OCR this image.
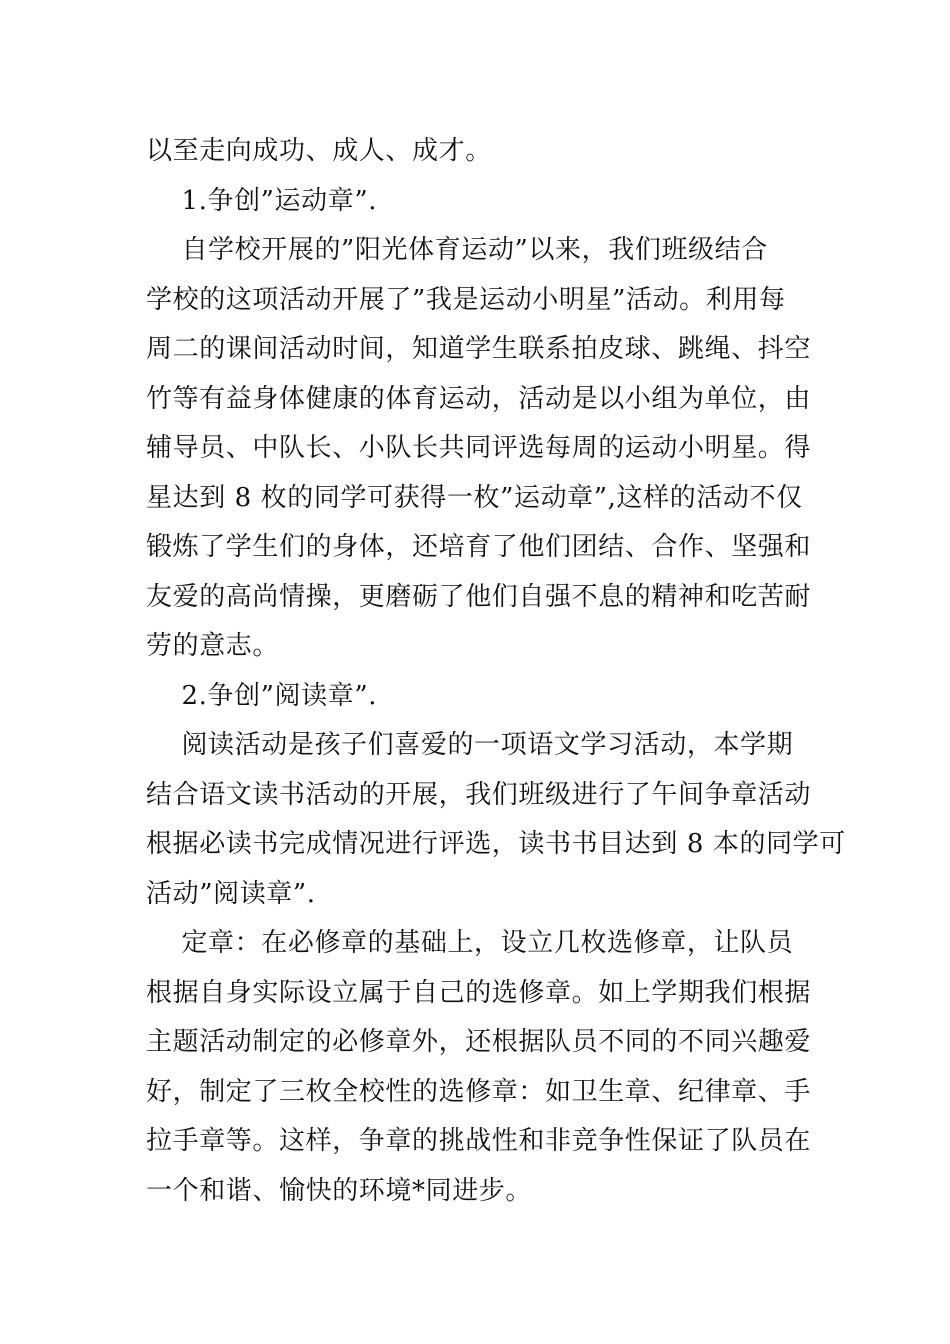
以至走向成功、成人、成才。
1.争创”运动章”.
自学校开展的”阳光体育运动”以来，我们班级结合
学校的这项活动开展了”我是运动小明星”活动。利用每
周二的课间活动时间，知道学生联系拍皮球、跳绳、抖空
竹等有益身体健康的体育运动，活动是以小组为单位，由
辅导员、中队长、小队长共同评选每周的运动小明星。得
星达到 8 枚的同学可获得一枚”运动章”,这样的活动不仅
锻炼了学生们的身体，还培育了他们团结、合作、坚强和
友爱的高尚情操，更磨砺了他们自强不息的精神和吃苦耐
劳的意志。
2.争创”阅读章”.
阅读活动是孩子们喜爱的一项语文学习活动，本学期
结合语文读书活动的开展，我们班级进行了午间争章活动
根据必读书完成情况进行评选，读书书目达到 8 本的同学可
活动”阅读章”.
定章：在必修章的基础上，设立几枚选修章，让队员
根据自身实际设立属于自己的选修章。如上学期我们根据
主题活动制定的必修章外，还根据队员不同的不同兴趣爱
好，制定了三枚全校性的选修章：如卫生章、纪律章、手
拉手章等。这样，争章的挑战性和非竞争性保证了队员在
一个和谐、愉快的环境*同进步。
